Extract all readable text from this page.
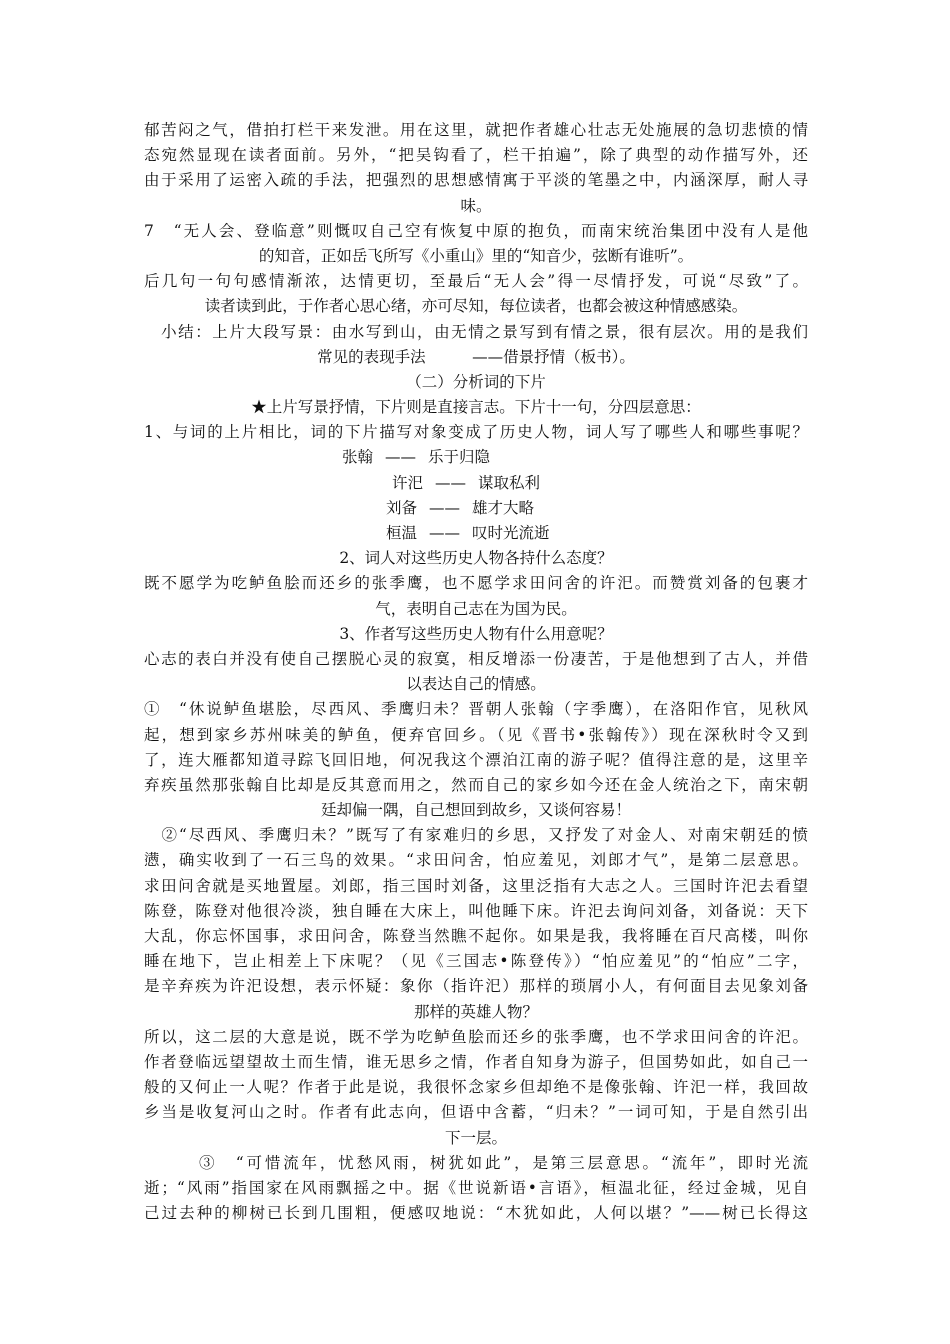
郁苦闷之气，借拍打栏干来发泄。用在这里，就把作者雄心壮志无处施展的急切悲愤的情
态宛然显现在读者面前。另外，“把吴钩看了，栏干拍遍”，除了典型的动作描写外，还
由于采用了运密入疏的手法，把强烈的思想感情寓于平淡的笔墨之中，内涵深厚，耐人寻
味。
7　“无人会、登临意”则慨叹自己空有恢复中原的抱负，而南宋统治集团中没有人是他
的知音，正如岳飞所写《小重山》里的“知音少，弦断有谁听”。
后几句一句句感情渐浓，达情更切，至最后“无人会”得一尽情抒发，可说“尽致”了。
读者读到此，于作者心思心绪，亦可尽知，每位读者，也都会被这种情感感染。
　小结：上片大段写景：由水写到山，由无情之景写到有情之景，很有层次。用的是我们
常见的表现手法　　　——借景抒情（板书）。
（二）分析词的下片
★上片写景抒情，下片则是直接言志。下片十一句，分四层意思：
1、与词的上片相比，词的下片描写对象变成了历史人物，词人写了哪些人和哪些事呢？
张翰 —— 乐于归隐
许汜 —— 谋取私利
刘备 —— 雄才大略
桓温 —— 叹时光流逝
2、词人对这些历史人物各持什么态度？
既不愿学为吃鲈鱼脍而还乡的张季鹰，也不愿学求田问舍的许汜。而赞赏刘备的包裹才
气，表明自己志在为国为民。
3、作者写这些历史人物有什么用意呢？
心志的表白并没有使自己摆脱心灵的寂寞，相反增添一份凄苦，于是他想到了古人，并借
以表达自己的情感。
①　“休说鲈鱼堪脍，尽西风、季鹰归未？晋朝人张翰（字季鹰），在洛阳作官，见秋风
起，想到家乡苏州味美的鲈鱼，便弃官回乡。（见《晋书•张翰传》）现在深秋时令又到
了，连大雁都知道寻踪飞回旧地，何况我这个漂泊江南的游子呢？值得注意的是，这里辛
弃疾虽然那张翰自比却是反其意而用之，然而自己的家乡如今还在金人统治之下，南宋朝
廷却偏一隅，自己想回到故乡，又谈何容易！
　②“尽西风、季鹰归未？”既写了有家难归的乡思，又抒发了对金人、对南宋朝廷的愤
懑，确实收到了一石三鸟的效果。“求田问舍，怕应羞见，刘郎才气”，是第二层意思。
求田问舍就是买地置屋。刘郎，指三国时刘备，这里泛指有大志之人。三国时许汜去看望
陈登，陈登对他很冷淡，独自睡在大床上，叫他睡下床。许汜去询问刘备，刘备说：天下
大乱，你忘怀国事，求田问舍，陈登当然瞧不起你。如果是我，我将睡在百尺高楼，叫你
睡在地下，岂止相差上下床呢？（见《三国志•陈登传》）“怕应羞见”的“怕应”二字，
是辛弃疾为许汜设想，表示怀疑：象你（指许汜）那样的琐屑小人，有何面目去见象刘备
那样的英雄人物？
所以，这二层的大意是说，既不学为吃鲈鱼脍而还乡的张季鹰，也不学求田问舍的许汜。
作者登临远望望故土而生情，谁无思乡之情，作者自知身为游子，但国势如此，如自己一
般的又何止一人呢？作者于此是说，我很怀念家乡但却绝不是像张翰、许汜一样，我回故
乡当是收复河山之时。作者有此志向，但语中含蓄，“归未？”一词可知，于是自然引出
下一层。
　　　③　“可惜流年，忧愁风雨，树犹如此”，是第三层意思。“流年”，即时光流
逝；“风雨”指国家在风雨飘摇之中。据《世说新语•言语》，桓温北征，经过金城，见自
己过去种的柳树已长到几围粗，便感叹地说：“木犹如此，人何以堪？”——树已长得这
